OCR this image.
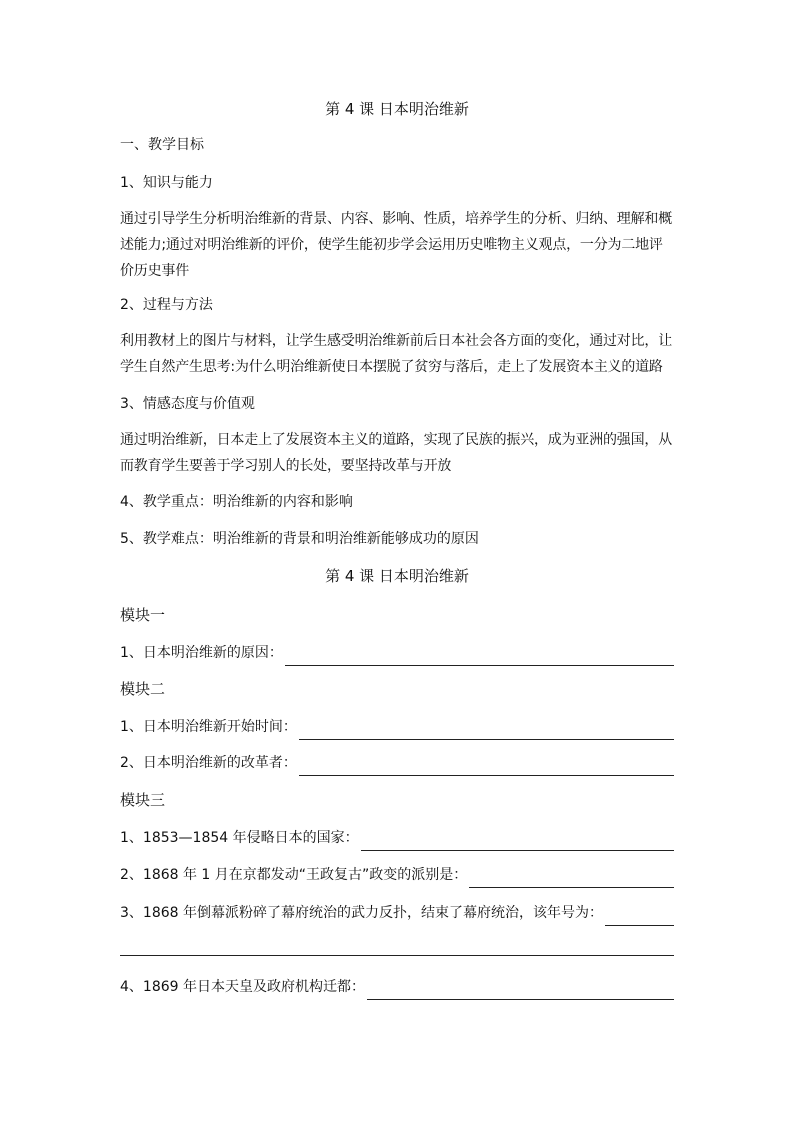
第 4 课 日本明治维新
一、教学目标
1、知识与能力
通过引导学生分析明治维新的背景、内容、影响、性质，培养学生的分析、归纳、理解和概述能力;通过对明治维新的评价，使学生能初步学会运用历史唯物主义观点，一分为二地评价历史事件
2、过程与方法
利用教材上的图片与材料，让学生感受明治维新前后日本社会各方面的变化，通过对比，让学生自然产生思考:为什么明治维新使日本摆脱了贫穷与落后，走上了发展资本主义的道路
3、情感态度与价值观
通过明治维新，日本走上了发展资本主义的道路，实现了民族的振兴，成为亚洲的强国，从而教育学生要善于学习别人的长处，要坚持改革与开放
4、教学重点：明治维新的内容和影响
5、教学难点：明治维新的背景和明治维新能够成功的原因
第 4 课 日本明治维新
模块一
1、日本明治维新的原因：
模块二
1、日本明治维新开始时间：
2、日本明治维新的改革者：
模块三
1、1853—1854 年侵略日本的国家：
2、1868 年 1 月在京都发动“王政复古”政变的派别是：
3、1868 年倒幕派粉碎了幕府统治的武力反扑，结束了幕府统治，该年号为：
4、1869 年日本天皇及政府机构迁都：
